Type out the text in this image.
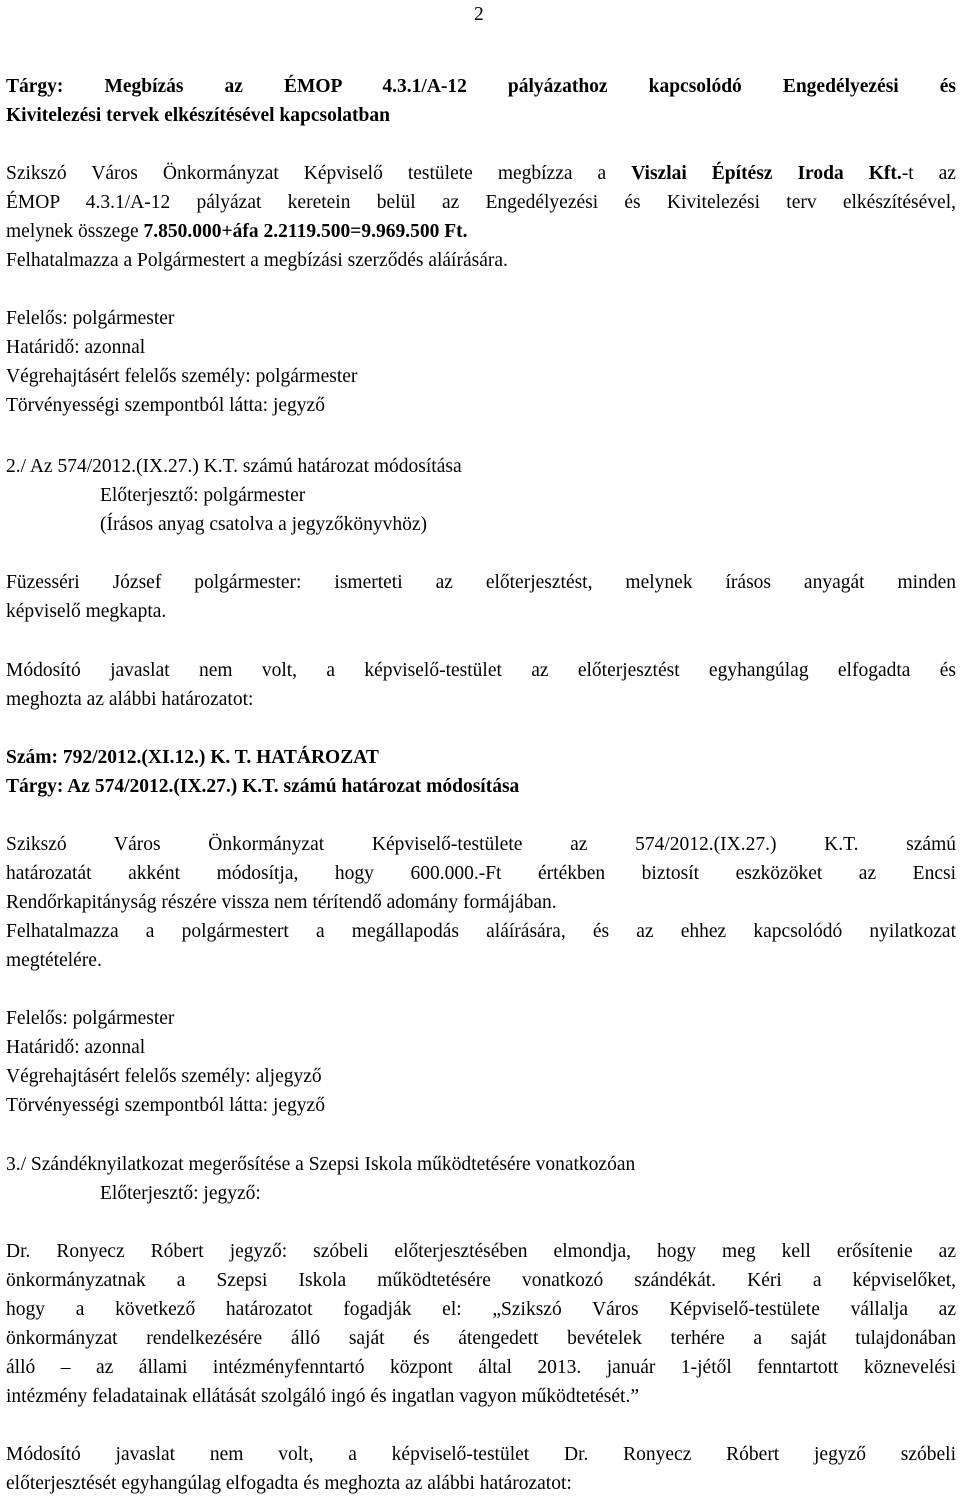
2
Tárgy: Megbízás az ÉMOP 4.3.1/A-12 pályázathoz kapcsolódó Engedélyezési és
Kivitelezési tervek elkészítésével kapcsolatban
Szikszó Város Önkormányzat Képviselő testülete megbízza a Viszlai Építész Iroda Kft.-t az
ÉMOP 4.3.1/A-12 pályázat keretein belül az Engedélyezési és Kivitelezési terv elkészítésével,
melynek összege 7.850.000+áfa 2.2119.500=9.969.500 Ft.
Felhatalmazza a Polgármestert a megbízási szerződés aláírására.
Felelős: polgármester
Határidő: azonnal
Végrehajtásért felelős személy: polgármester
Törvényességi szempontból látta: jegyző
2./ Az 574/2012.(IX.27.) K.T. számú határozat módosítása
Előterjesztő: polgármester
(Írásos anyag csatolva a jegyzőkönyvhöz)
Füzesséri József polgármester: ismerteti az előterjesztést, melynek írásos anyagát minden
képviselő megkapta.
Módosító javaslat nem volt, a képviselő-testület az előterjesztést egyhangúlag elfogadta és
meghozta az alábbi határozatot:
Szám: 792/2012.(XI.12.) K. T. HATÁROZAT
Tárgy: Az 574/2012.(IX.27.) K.T. számú határozat módosítása
Szikszó Város Önkormányzat Képviselő-testülete az 574/2012.(IX.27.) K.T. számú
határozatát akként módosítja, hogy 600.000.-Ft értékben biztosít eszközöket az Encsi
Rendőrkapitányság részére vissza nem térítendő adomány formájában.
Felhatalmazza a polgármestert a megállapodás aláírására, és az ehhez kapcsolódó nyilatkozat
megtételére.
Felelős: polgármester
Határidő: azonnal
Végrehajtásért felelős személy: aljegyző
Törvényességi szempontból látta: jegyző
3./ Szándéknyilatkozat megerősítése a Szepsi Iskola működtetésére vonatkozóan
Előterjesztő: jegyző:
Dr. Ronyecz Róbert jegyző: szóbeli előterjesztésében elmondja, hogy meg kell erősítenie az
önkormányzatnak a Szepsi Iskola működtetésére vonatkozó szándékát. Kéri a képviselőket,
hogy a következő határozatot fogadják el: „Szikszó Város Képviselő-testülete vállalja az
önkormányzat rendelkezésére álló saját és átengedett bevételek terhére a saját tulajdonában
álló – az állami intézményfenntartó központ által 2013. január 1-jétől fenntartott köznevelési
intézmény feladatainak ellátását szolgáló ingó és ingatlan vagyon működtetését.”
Módosító javaslat nem volt, a képviselő-testület Dr. Ronyecz Róbert jegyző szóbeli
előterjesztését egyhangúlag elfogadta és meghozta az alábbi határozatot:
